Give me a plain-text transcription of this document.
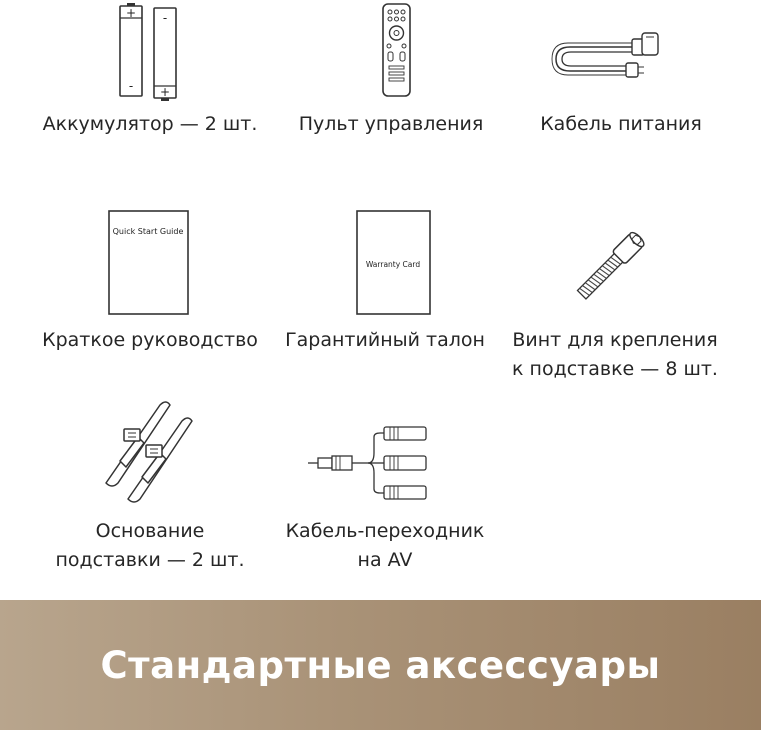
+
-
-
+
Аккумулятор — 2 шт.	Пульт управления	Кабель питания
Quick Start Guide
Краткое руководство
Warranty Card
Гарантийный талон	Винт для крепления
к подставке — 8 шт.
Основание
подставки — 2 шт.
Кабель-переходник
на AV
Стандартные аксессуары
